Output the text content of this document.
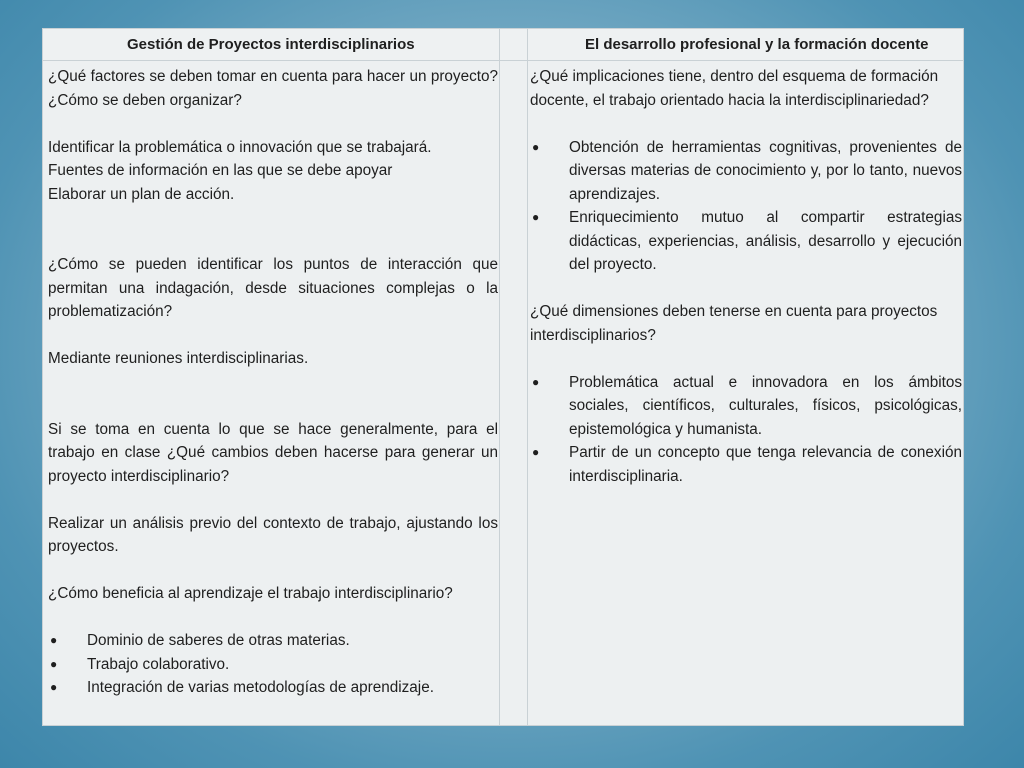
Gestión de Proyectos interdisciplinarios	El desarrollo profesional y la formación docente

¿Qué factores se deben tomar en cuenta para hacer un proyecto? ¿Cómo se deben organizar?

Identificar la problemática o innovación que se trabajará.

Fuentes de información en las que se debe apoyar

Elaborar un plan de acción.

¿Cómo se pueden identificar los puntos de interacción que permitan una indagación, desde situaciones complejas o la problematización?

Mediante reuniones interdisciplinarias.

Si se toma en cuenta lo que se hace generalmente, para el trabajo en clase ¿Qué cambios deben hacerse para generar un proyecto interdisciplinario?

Realizar un análisis previo del contexto de trabajo, ajustando los proyectos.

¿Cómo beneficia al aprendizaje el trabajo interdisciplinario?

● Dominio de saberes de otras materias.
● Trabajo colaborativo.
● Integración de varias metodologías de aprendizaje.

¿Qué implicaciones tiene, dentro del esquema de formación docente, el trabajo orientado hacia la interdisciplinariedad?

● Obtención de herramientas cognitivas, provenientes de diversas materias de conocimiento y, por lo tanto, nuevos aprendizajes.
● Enriquecimiento mutuo al compartir estrategias didácticas, experiencias, análisis, desarrollo y ejecución del proyecto.

¿Qué dimensiones deben tenerse en cuenta para proyectos interdisciplinarios?

● Problemática actual e innovadora en los ámbitos sociales, científicos, culturales, físicos, psicológicas, epistemológica y humanista.
● Partir de un concepto que tenga relevancia de conexión interdisciplinaria.
